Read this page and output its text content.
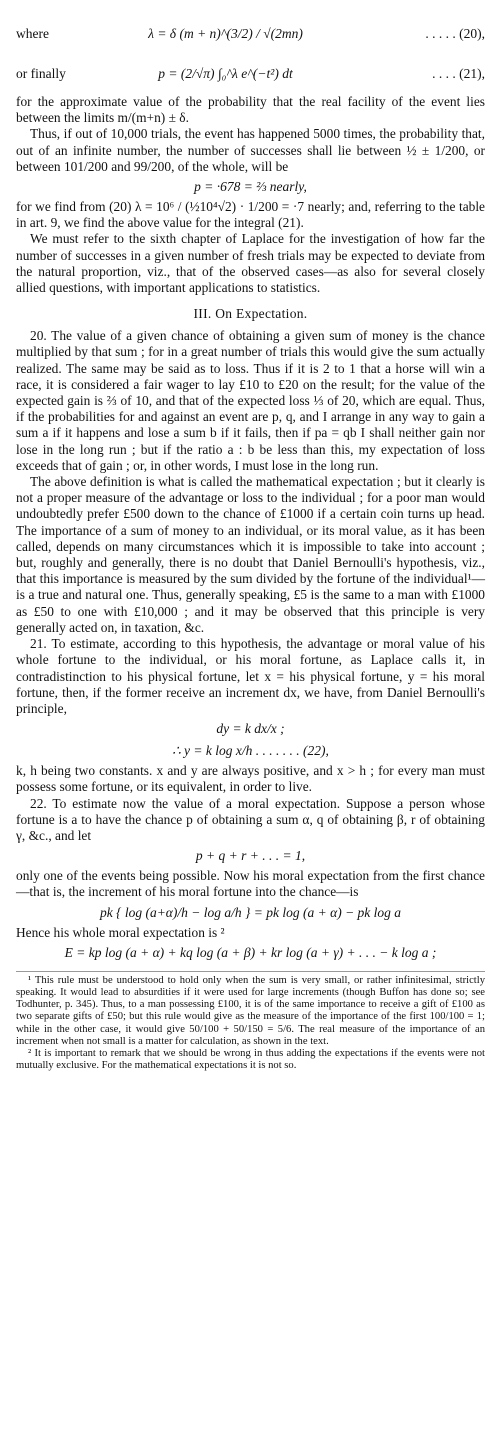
where	λ = δ (m + n)^(3/2) / √(2mn)	. . . . . (20),
or finally	p = (2/√π) ∫₀^λ e^(−t²) dt	. . . . (21),

for the approximate value of the probability that the real facility of the event lies between the limits m/(m+n) ± δ.

Thus, if out of 10,000 trials, the event has happened 5000 times, the probability that, out of an infinite number, the number of successes shall lie between ½ ± 1/200, or between 101/200 and 99/200, of the whole, will be

p = ·678 = ⅔ nearly,

for we find from (20) λ = 10⁶ / (½10⁴√2) · 1/200 = ·7 nearly; and, referring to the table in art. 9, we find the above value for the integral (21).

We must refer to the sixth chapter of Laplace for the investigation of how far the number of successes in a given number of fresh trials may be expected to deviate from the natural proportion, viz., that of the observed cases—as also for several closely allied questions, with important applications to statistics.

III. On Expectation.

20. The value of a given chance of obtaining a given sum of money is the chance multiplied by that sum ; for in a great number of trials this would give the sum actually realized. The same may be said as to loss. Thus if it is 2 to 1 that a horse will win a race, it is considered a fair wager to lay £10 to £20 on the result; for the value of the expected gain is ⅔ of 10, and that of the expected loss ⅓ of 20, which are equal. Thus, if the probabilities for and against an event are p, q, and I arrange in any way to gain a sum a if it happens and lose a sum b if it fails, then if pa = qb I shall neither gain nor lose in the long run ; but if the ratio a : b be less than this, my expectation of loss exceeds that of gain ; or, in other words, I must lose in the long run.

The above definition is what is called the mathematical expectation ; but it clearly is not a proper measure of the advantage or loss to the individual ; for a poor man would undoubtedly prefer £500 down to the chance of £1000 if a certain coin turns up head. The importance of a sum of money to an individual, or its moral value, as it has been called, depends on many circumstances which it is impossible to take into account ; but, roughly and generally, there is no doubt that Daniel Bernoulli's hypothesis, viz., that this importance is measured by the sum divided by the fortune of the individual¹—is a true and natural one. Thus, generally speaking, £5 is the same to a man with £1000 as £50 to one with £10,000 ; and it may be observed that this principle is very generally acted on, in taxation, &c.

21. To estimate, according to this hypothesis, the advantage or moral value of his whole fortune to the individual, or his moral fortune, as Laplace calls it, in contradistinction to his physical fortune, let x = his physical fortune, y = his moral fortune, then, if the former receive an increment dx, we have, from Daniel Bernoulli's principle,

dy = k dx/x ;
∴ y = k log x/h . . . . . . . (22),

k, h being two constants. x and y are always positive, and x > h ; for every man must possess some fortune, or its equivalent, in order to live.

22. To estimate now the value of a moral expectation. Suppose a person whose fortune is a to have the chance p of obtaining a sum α, q of obtaining β, r of obtaining γ, &c., and let

p + q + r + . . . = 1,

only one of the events being possible. Now his moral expectation from the first chance—that is, the increment of his moral fortune into the chance—is

pk { log (a+α)/h − log a/h } = pk log (a + α) − pk log a

Hence his whole moral expectation is ²

E = kp log (a + α) + kq log (a + β) + kr log (a + γ) + . . . − k log a ;

¹ This rule must be understood to hold only when the sum is very small, or rather infinitesimal, strictly speaking. It would lead to absurdities if it were used for large increments (though Buffon has done so; see Todhunter, p. 345). Thus, to a man possessing £100, it is of the same importance to receive a gift of £100 as two separate gifts of £50; but this rule would give as the measure of the importance of the first 100/100 = 1; while in the other case, it would give 50/100 + 50/150 = 5/6. The real measure of the importance of an increment when not small is a matter for calculation, as shown in the text.

² It is important to remark that we should be wrong in thus adding the expectations if the events were not mutually exclusive. For the mathematical expectations it is not so.
